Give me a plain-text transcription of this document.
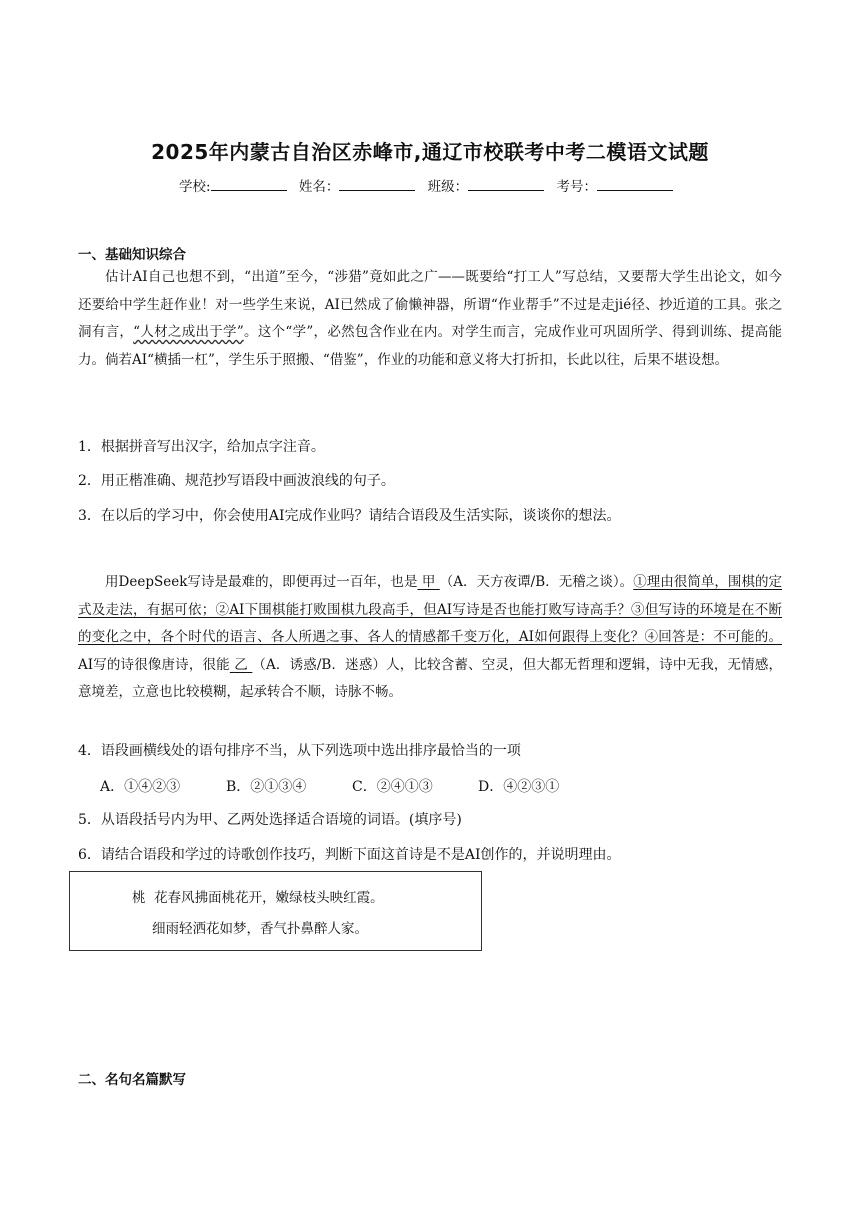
2025年内蒙古自治区赤峰市,通辽市校联考中考二模语文试题
学校:	姓名：	班级：	考号：
一、基础知识综合
估计AI自己也想不到，“出道”至今，“涉猎”竟如此之广——既要给“打工人”写总结，又要帮大学生出论文，如今还要给中学生赶作业！对一些学生来说，AI已然成了偷懒神器，所谓“作业帮手”不过是走jié径、抄近道的工具。张之洞有言，“人材之成出于学”。这个“学”，必然包含作业在内。对学生而言，完成作业可巩固所学、得到训练、提高能力。倘若AI“横插一杠”，学生乐于照搬、“借鉴”，作业的功能和意义将大打折扣，长此以往，后果不堪设想。
1．根据拼音写出汉字，给加点字注音。
2．用正楷准确、规范抄写语段中画波浪线的句子。
3．在以后的学习中，你会使用AI完成作业吗？请结合语段及生活实际，谈谈你的想法。
用DeepSeek写诗是最难的，即便再过一百年，也是 甲 （A．天方夜谭/B．无稽之谈）。①理由很简单，围棋的定式及走法，有据可依；②AI下围棋能打败围棋九段高手，但AI写诗是否也能打败写诗高手？③但写诗的环境是在不断的变化之中，各个时代的语言、各人所遇之事、各人的情感都千变万化，AI如何跟得上变化？④回答是：不可能的。AI写的诗很像唐诗，很能 乙 （A．诱惑/B．迷惑）人，比较含蓄、空灵，但大都无哲理和逻辑，诗中无我，无情感，意境差，立意也比较模糊，起承转合不顺，诗脉不畅。
4．语段画横线处的语句排序不当，从下列选项中选出排序最恰当的一项
A．①④②③	B．②①③④	C．②④①③	D．④②③①
5．从语段括号内为甲、乙两处选择适合语境的词语。(填序号)
6．请结合语段和学过的诗歌创作技巧，判断下面这首诗是不是AI创作的，并说明理由。
桃 花春风拂面桃花开，嫩绿枝头映红霞。
细雨轻洒花如梦，香气扑鼻醉人家。
二、名句名篇默写
